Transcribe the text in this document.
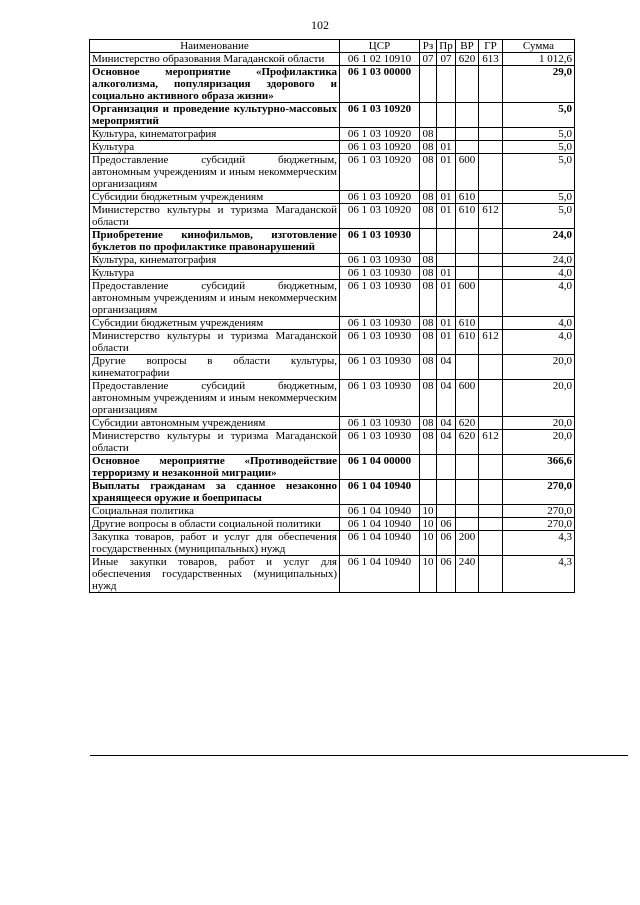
102
Наименование	ЦСР	Рз	Пр	ВР	ГР	Сумма
Министерство образования Магаданской области	06 1 02 10910	07	07	620	613	1 012,6
Основное мероприятие «Профилактика алкоголизма, популяризация здорового и социально активного образа жизни»	06 1 03 00000					29,0
Организация и проведение культурно-массовых мероприятий	06 1 03 10920					5,0
Культура, кинематография	06 1 03 10920	08				5,0
Культура	06 1 03 10920	08	01			5,0
Предоставление субсидий бюджетным, автономным учреждениям и иным некоммерческим организациям	06 1 03 10920	08	01	600		5,0
Субсидии бюджетным учреждениям	06 1 03 10920	08	01	610		5,0
Министерство культуры и туризма Магаданской области	06 1 03 10920	08	01	610	612	5,0
Приобретение кинофильмов, изготовление буклетов по профилактике правонарушений	06 1 03 10930					24,0
Культура, кинематография	06 1 03 10930	08				24,0
Культура	06 1 03 10930	08	01			4,0
Предоставление субсидий бюджетным, автономным учреждениям и иным некоммерческим организациям	06 1 03 10930	08	01	600		4,0
Субсидии бюджетным учреждениям	06 1 03 10930	08	01	610		4,0
Министерство культуры и туризма Магаданской области	06 1 03 10930	08	01	610	612	4,0
Другие вопросы в области культуры, кинематографии	06 1 03 10930	08	04			20,0
Предоставление субсидий бюджетным, автономным учреждениям и иным некоммерческим организациям	06 1 03 10930	08	04	600		20,0
Субсидии автономным учреждениям	06 1 03 10930	08	04	620		20,0
Министерство культуры и туризма Магаданской области	06 1 03 10930	08	04	620	612	20,0
Основное мероприятие «Противодействие терроризму и незаконной миграции»	06 1 04 00000					366,6
Выплаты гражданам за сданное незаконно хранящееся оружие и боеприпасы	06 1 04 10940					270,0
Социальная политика	06 1 04 10940	10				270,0
Другие вопросы в области социальной политики	06 1 04 10940	10	06			270,0
Закупка товаров, работ и услуг для обеспечения государственных (муниципальных) нужд	06 1 04 10940	10	06	200		4,3
Иные закупки товаров, работ и услуг для обеспечения государственных (муниципальных) нужд	06 1 04 10940	10	06	240		4,3
